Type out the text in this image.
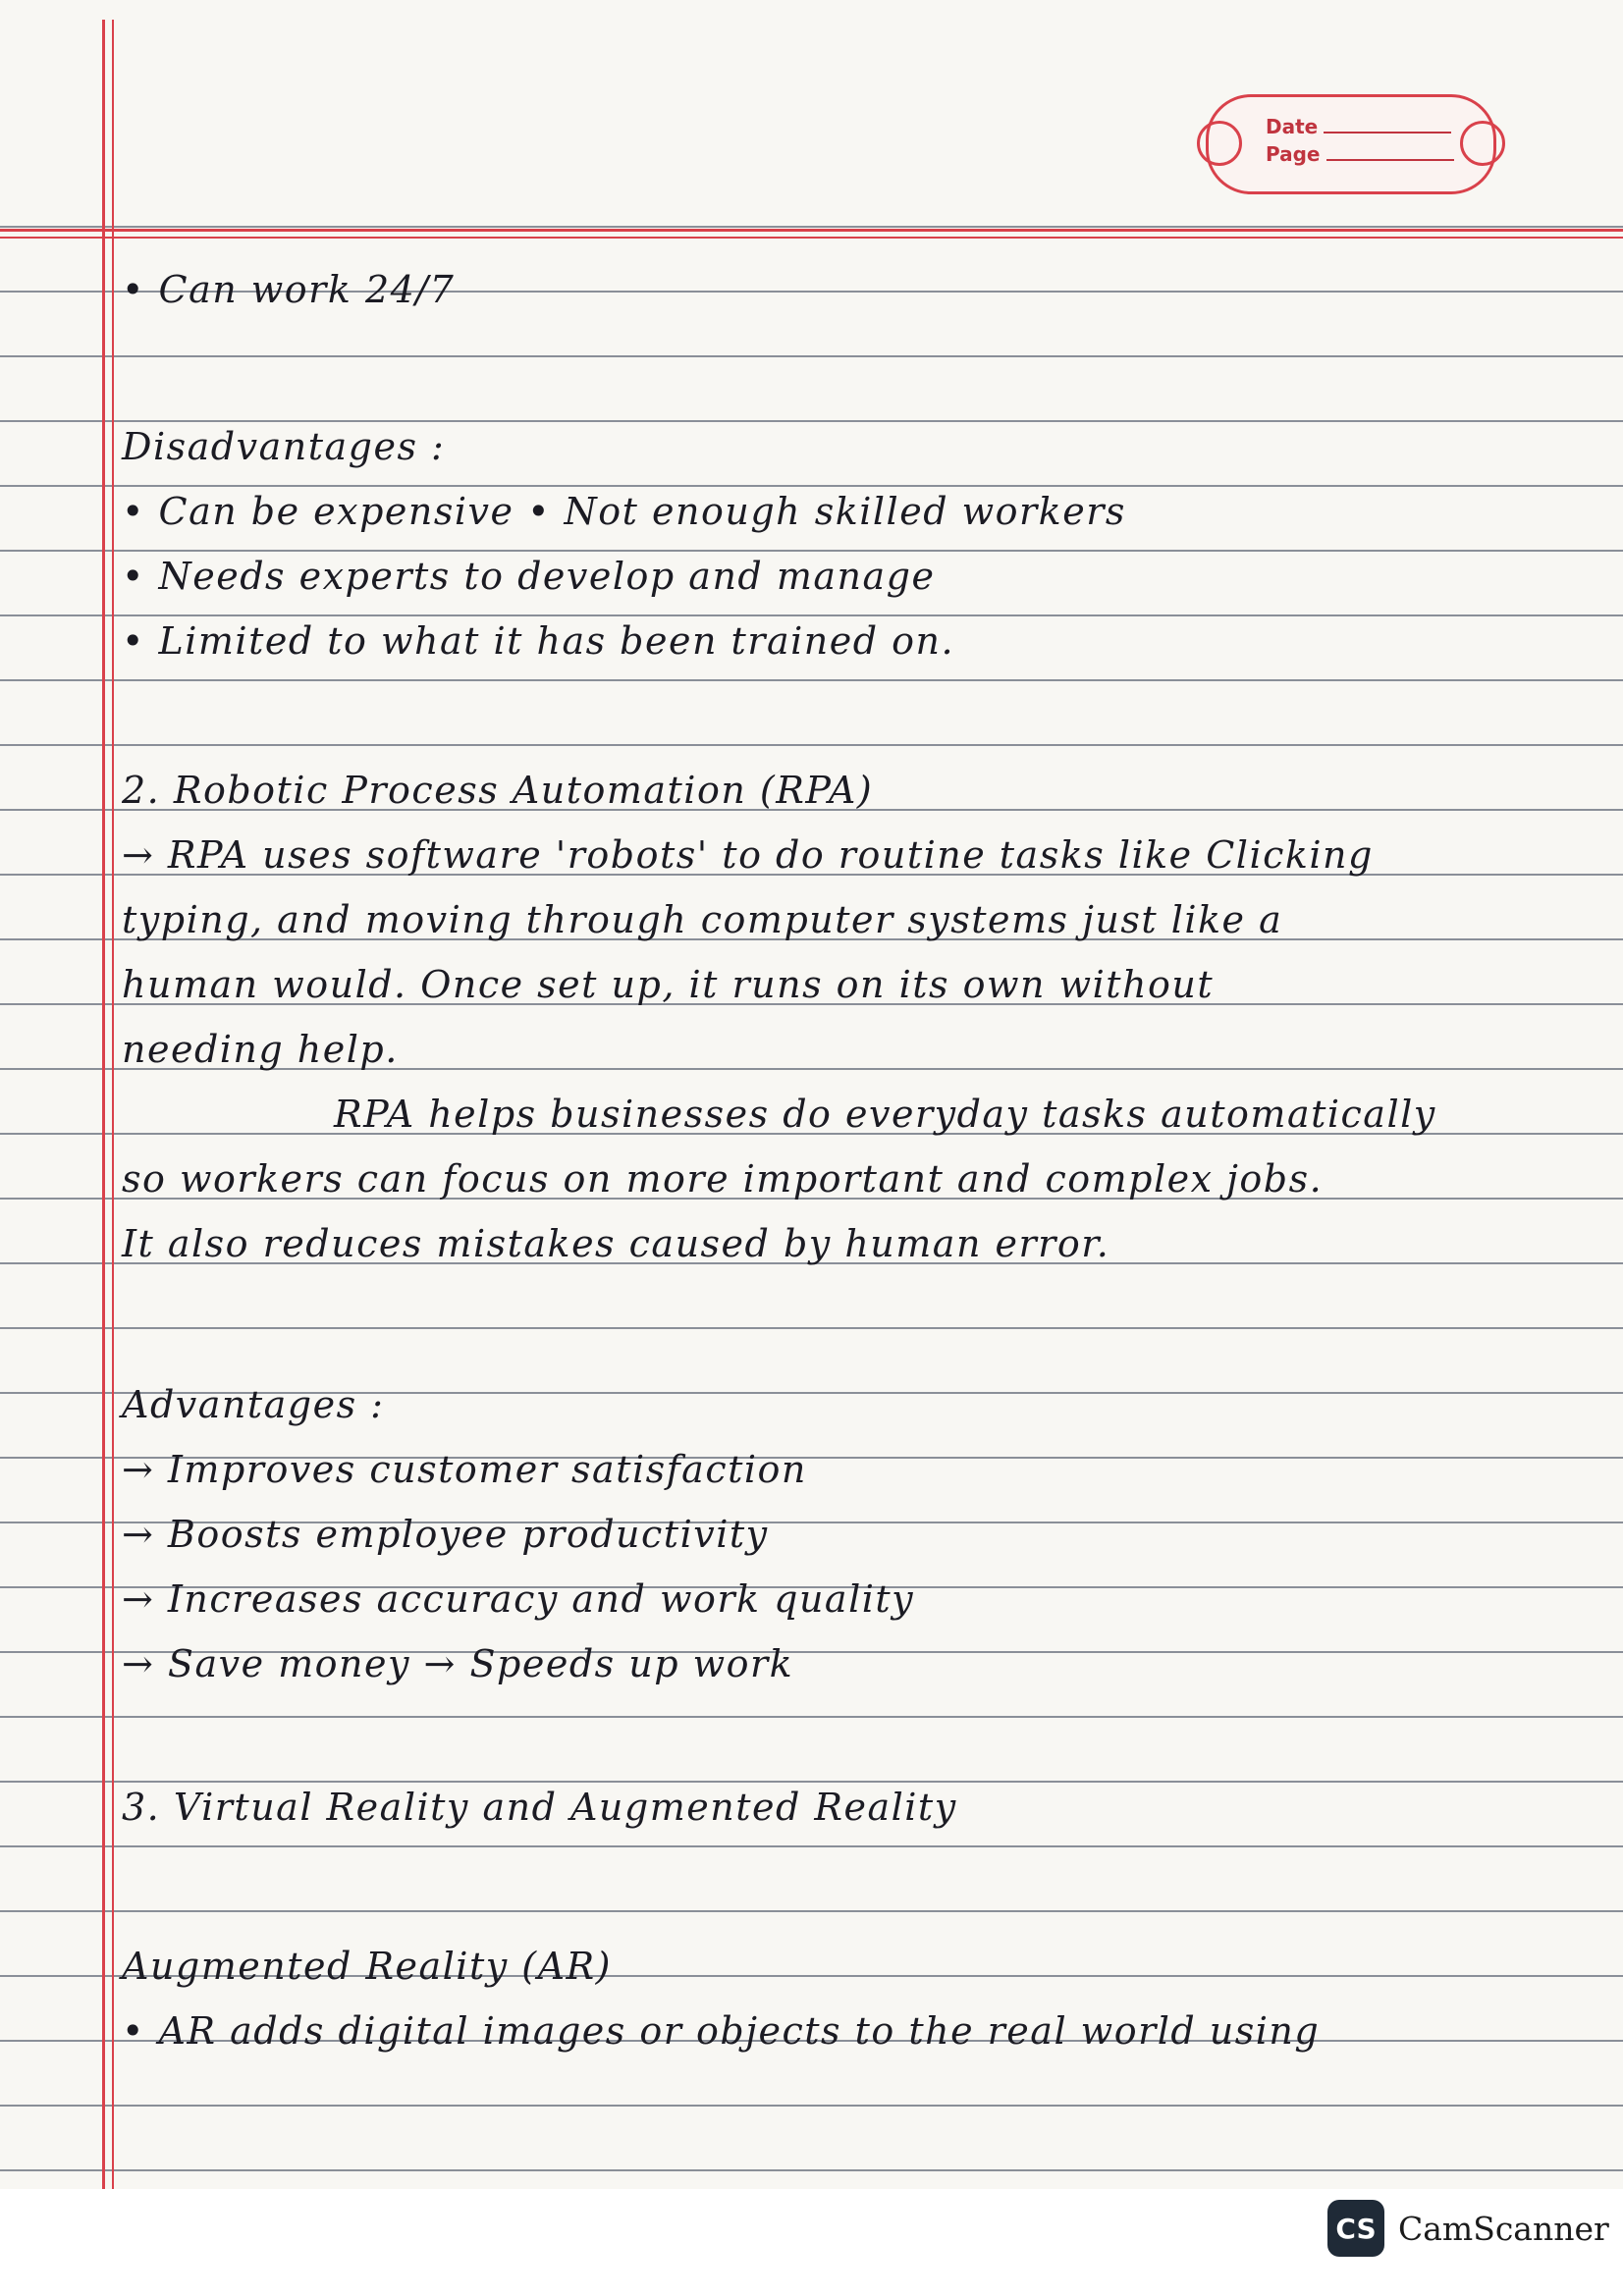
Date
Page
• Can work 24/7
Disadvantages :
• Can be expensive • Not enough skilled workers
• Needs experts to develop and manage
• Limited to what it has been trained on.
2. Robotic Process Automation (RPA)
→ RPA uses software 'robots' to do routine tasks like Clicking
typing, and moving through computer systems just like a
human would. Once set up, it runs on its own without
needing help.
RPA helps businesses do everyday tasks automatically
so workers can focus on more important and complex jobs.
It also reduces mistakes caused by human error.
Advantages :
→ Improves customer satisfaction
→ Boosts employee productivity
→ Increases accuracy and work quality
→ Save money → Speeds up work
3. Virtual Reality and Augmented Reality
Augmented Reality (AR)
• AR adds digital images or objects to the real world using
CS CamScanner
